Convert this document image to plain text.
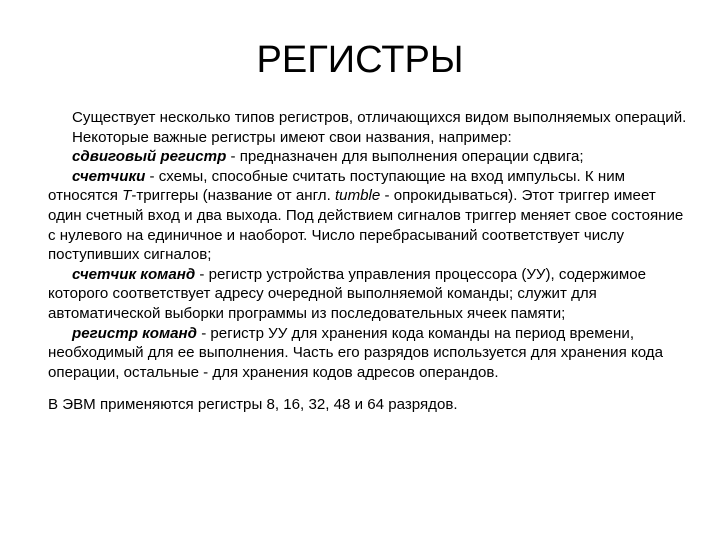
РЕГИСТРЫ

Существует несколько типов регистров, отличающихся видом выполняемых операций.

Некоторые важные регистры имеют свои названия, например:

сдвиговый регистр - предназначен для выполнения операции сдвига;

счетчики - схемы, способные считать поступающие на вход импульсы. К ним относятся T-триггеры (название от англ. tumble - опрокидываться). Этот триггер имеет один счетный вход и два выхода. Под действием сигналов триггер меняет свое состояние с нулевого на единичное и наоборот. Число перебрасываний соответствует числу поступивших сигналов;

счетчик команд - регистр устройства управления процессора (УУ), содержимое которого соответствует адресу очередной выполняемой команды; служит для автоматической выборки программы из последовательных ячеек памяти;

регистр команд - регистр УУ для хранения кода команды на период времени, необходимый для ее выполнения. Часть его разрядов используется для хранения кода операции, остальные - для хранения кодов адресов операндов.

В ЭВМ применяются регистры 8, 16, 32, 48 и 64 разрядов.
